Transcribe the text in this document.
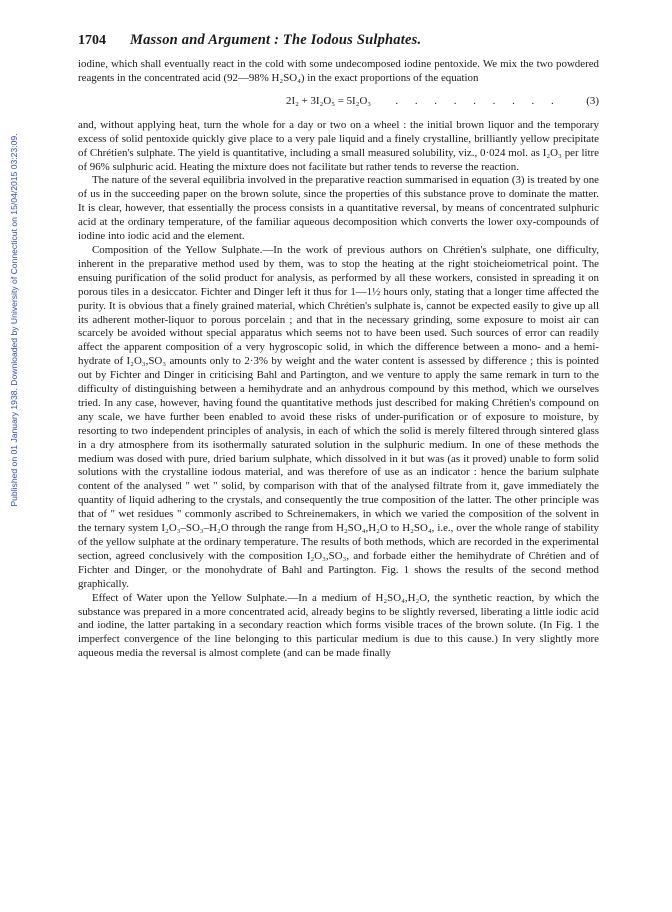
Published on 01 January 1938. Downloaded by University of Connecticut on 15/04/2015 03:23:09.
1704	Masson and Argument : The Iodous Sulphates.

iodine, which shall eventually react in the cold with some undecomposed iodine pentoxide. We mix the two powdered reagents in the concentrated acid (92—98% H₂SO₄) in the exact proportions of the equation

2I₂ + 3I₂O₅ = 5I₂O₃	. . . . . . . . .	(3)

and, without applying heat, turn the whole for a day or two on a wheel : the initial brown liquor and the temporary excess of solid pentoxide quickly give place to a very pale liquid and a finely crystalline, brilliantly yellow precipitate of Chrétien's sulphate. The yield is quantitative, including a small measured solubility, viz., 0·024 mol. as I₂O₃ per litre of 96% sulphuric acid. Heating the mixture does not facilitate but rather tends to reverse the reaction.

The nature of the several equilibria involved in the preparative reaction summarised in equation (3) is treated by one of us in the succeeding paper on the brown solute, since the properties of this substance prove to dominate the matter. It is clear, however, that essentially the process consists in a quantitative reversal, by means of concentrated sulphuric acid at the ordinary temperature, of the familiar aqueous decomposition which converts the lower oxy-compounds of iodine into iodic acid and the element.

Composition of the Yellow Sulphate.—In the work of previous authors on Chrétien's sulphate, one difficulty, inherent in the preparative method used by them, was to stop the heating at the right stoicheiometrical point. The ensuing purification of the solid product for analysis, as performed by all these workers, consisted in spreading it on porous tiles in a desiccator. Fichter and Dinger left it thus for 1—1½ hours only, stating that a longer time affected the purity. It is obvious that a finely grained material, which Chrétien's sulphate is, cannot be expected easily to give up all its adherent mother-liquor to porous porcelain ; and that in the necessary grinding, some exposure to moist air can scarcely be avoided without special apparatus which seems not to have been used. Such sources of error can readily affect the apparent composition of a very hygroscopic solid, in which the difference between a mono- and a hemi-hydrate of I₂O₃,SO₃ amounts only to 2·3% by weight and the water content is assessed by difference ; this is pointed out by Fichter and Dinger in criticising Bahl and Partington, and we venture to apply the same remark in turn to the difficulty of distinguishing between a hemihydrate and an anhydrous compound by this method, which we ourselves tried. In any case, however, having found the quantitative methods just described for making Chrétien's compound on any scale, we have further been enabled to avoid these risks of under-purification or of exposure to moisture, by resorting to two independent principles of analysis, in each of which the solid is merely filtered through sintered glass in a dry atmosphere from its isothermally saturated solution in the sulphuric medium. In one of these methods the medium was dosed with pure, dried barium sulphate, which dissolved in it but was (as it proved) unable to form solid solutions with the crystalline iodous material, and was therefore of use as an indicator : hence the barium sulphate content of the analysed " wet " solid, by comparison with that of the analysed filtrate from it, gave immediately the quantity of liquid adhering to the crystals, and consequently the true composition of the latter. The other principle was that of " wet residues " commonly ascribed to Schreinemakers, in which we varied the composition of the solvent in the ternary system I₂O₃–SO₃–H₂O through the range from H₂SO₄,H₂O to H₂SO₄, i.e., over the whole range of stability of the yellow sulphate at the ordinary temperature. The results of both methods, which are recorded in the experimental section, agreed conclusively with the composition I₂O₃,SO₃, and forbade either the hemihydrate of Chrétien and of Fichter and Dinger, or the monohydrate of Bahl and Partington. Fig. 1 shows the results of the second method graphically.

Effect of Water upon the Yellow Sulphate.—In a medium of H₂SO₄,H₂O, the synthetic reaction, by which the substance was prepared in a more concentrated acid, already begins to be slightly reversed, liberating a little iodic acid and iodine, the latter partaking in a secondary reaction which forms visible traces of the brown solute. (In Fig. 1 the imperfect convergence of the line belonging to this particular medium is due to this cause.) In very slightly more aqueous media the reversal is almost complete (and can be made finally
